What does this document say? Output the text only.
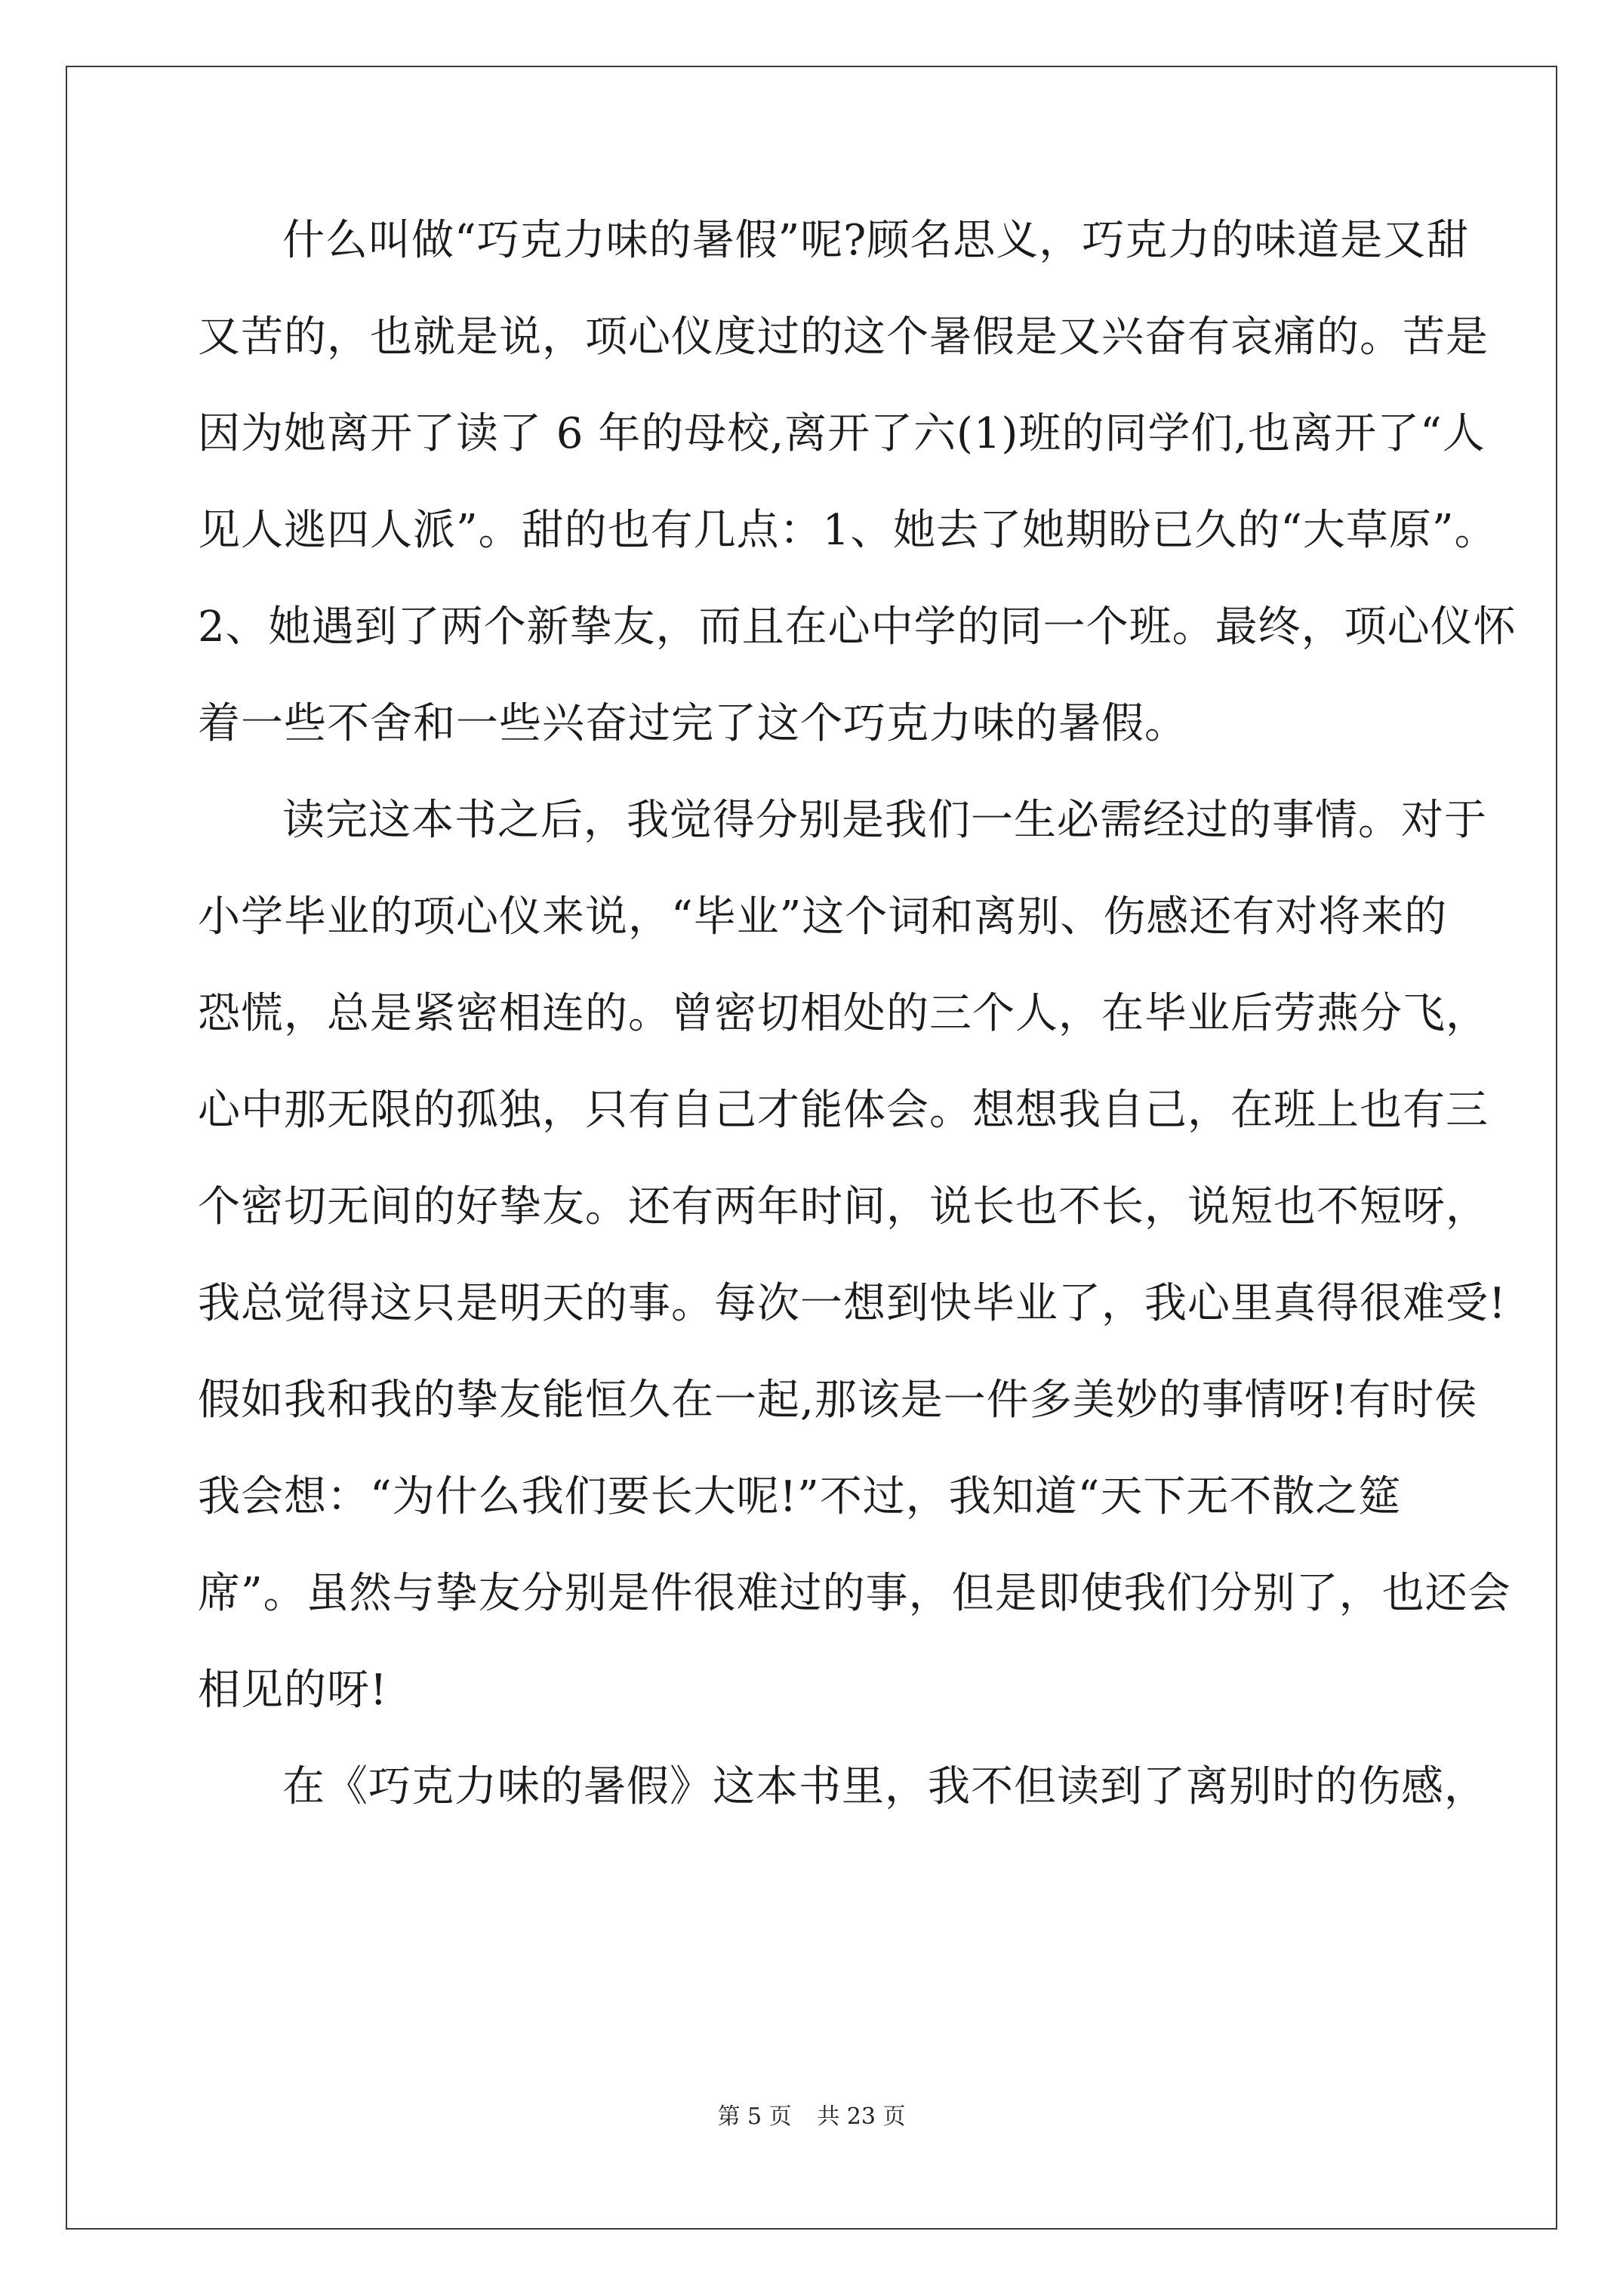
什么叫做“巧克力味的暑假”呢?顾名思义，巧克力的味道是又甜
又苦的，也就是说，项心仪度过的这个暑假是又兴奋有哀痛的。苦是
因为她离开了读了 6 年的母校,离开了六(1)班的同学们,也离开了“人
见人逃四人派”。甜的也有几点：1、她去了她期盼已久的“大草原”。
2、她遇到了两个新挚友，而且在心中学的同一个班。最终，项心仪怀
着一些不舍和一些兴奋过完了这个巧克力味的暑假。
读完这本书之后，我觉得分别是我们一生必需经过的事情。对于
小学毕业的项心仪来说，“毕业”这个词和离别、伤感还有对将来的
恐慌，总是紧密相连的。曾密切相处的三个人，在毕业后劳燕分飞，
心中那无限的孤独，只有自己才能体会。想想我自己，在班上也有三
个密切无间的好挚友。还有两年时间，说长也不长，说短也不短呀，
我总觉得这只是明天的事。每次一想到快毕业了，我心里真得很难受!
假如我和我的挚友能恒久在一起,那该是一件多美妙的事情呀!有时侯
我会想：“为什么我们要长大呢!”不过，我知道“天下无不散之筵
席”。虽然与挚友分别是件很难过的事，但是即使我们分别了，也还会
相见的呀!
在《巧克力味的暑假》这本书里，我不但读到了离别时的伤感，
第 5 页 共 23 页
